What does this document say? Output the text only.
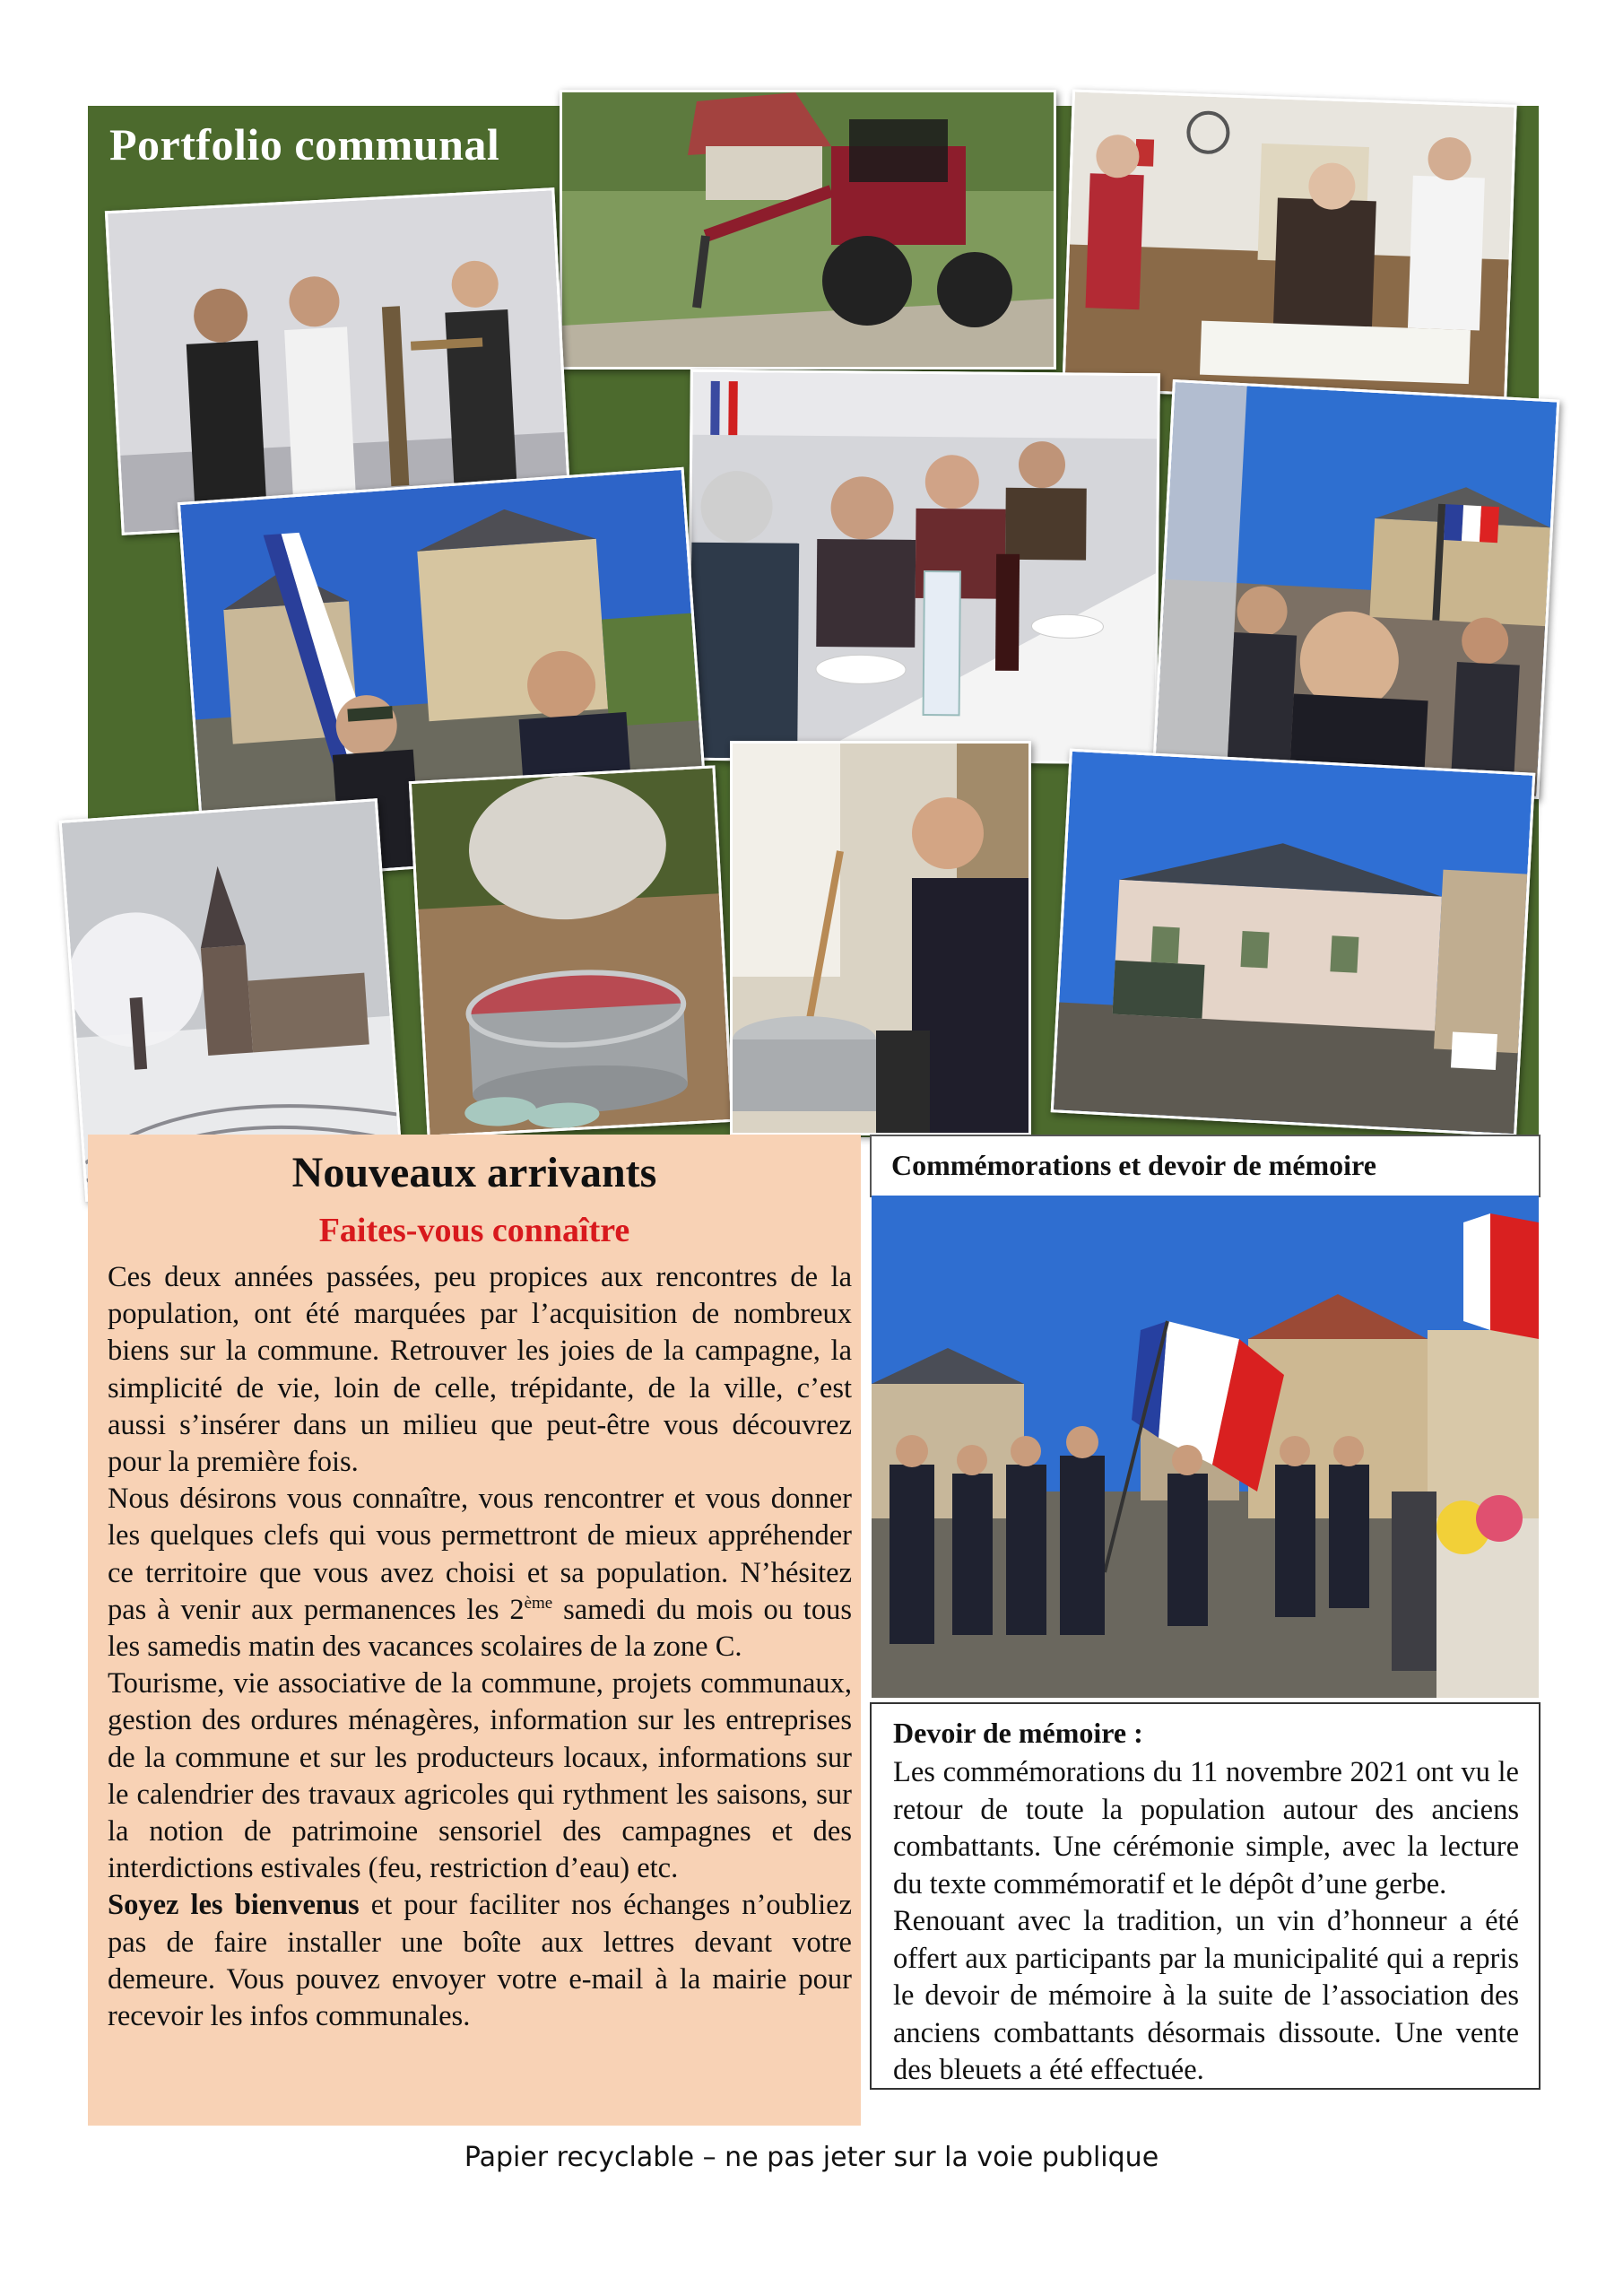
Portfolio communal
Nouveaux arrivants
Faites-vous connaître

Ces deux années passées, peu propices aux rencontres de la population, ont été marquées par l’acquisition de nombreux biens sur la commune. Retrouver les joies de la campagne, la simplicité de vie, loin de celle, trépidante, de la ville, c’est aussi s’insérer dans un milieu que peut-être vous découvrez pour la première fois.

Nous désirons vous connaître, vous rencontrer et vous donner les quelques clefs qui vous permettront de mieux appréhender ce territoire que vous avez choisi et sa population. N’hésitez pas à venir aux permanences les 2ème samedi du mois ou tous les samedis matin des vacances scolaires de la zone C.

Tourisme, vie associative de la commune, projets communaux, gestion des ordures ménagères, information sur les entreprises de la commune et sur les producteurs locaux, informations sur le calendrier des travaux agricoles qui rythment les saisons, sur la notion de patrimoine sensoriel des campagnes et des interdictions estivales (feu, restriction d’eau) etc.

Soyez les bienvenus et pour faciliter nos échanges n’oubliez pas de faire installer une boîte aux lettres devant votre demeure. Vous pouvez envoyer votre e-mail à la mairie pour recevoir les infos communales.

Commémorations et devoir de mémoire
Devoir de mémoire :

Les commémorations du 11 novembre 2021 ont vu le retour de toute la population autour des anciens combattants. Une cérémonie simple, avec la lecture du texte commémoratif et le dépôt d’une gerbe.

Renouant avec la tradition, un vin d’honneur a été offert aux participants par la municipalité qui a repris le devoir de mémoire à la suite de l’association des anciens combattants désormais dissoute. Une vente des bleuets a été effectuée.

Papier recyclable – ne pas jeter sur la voie publique
